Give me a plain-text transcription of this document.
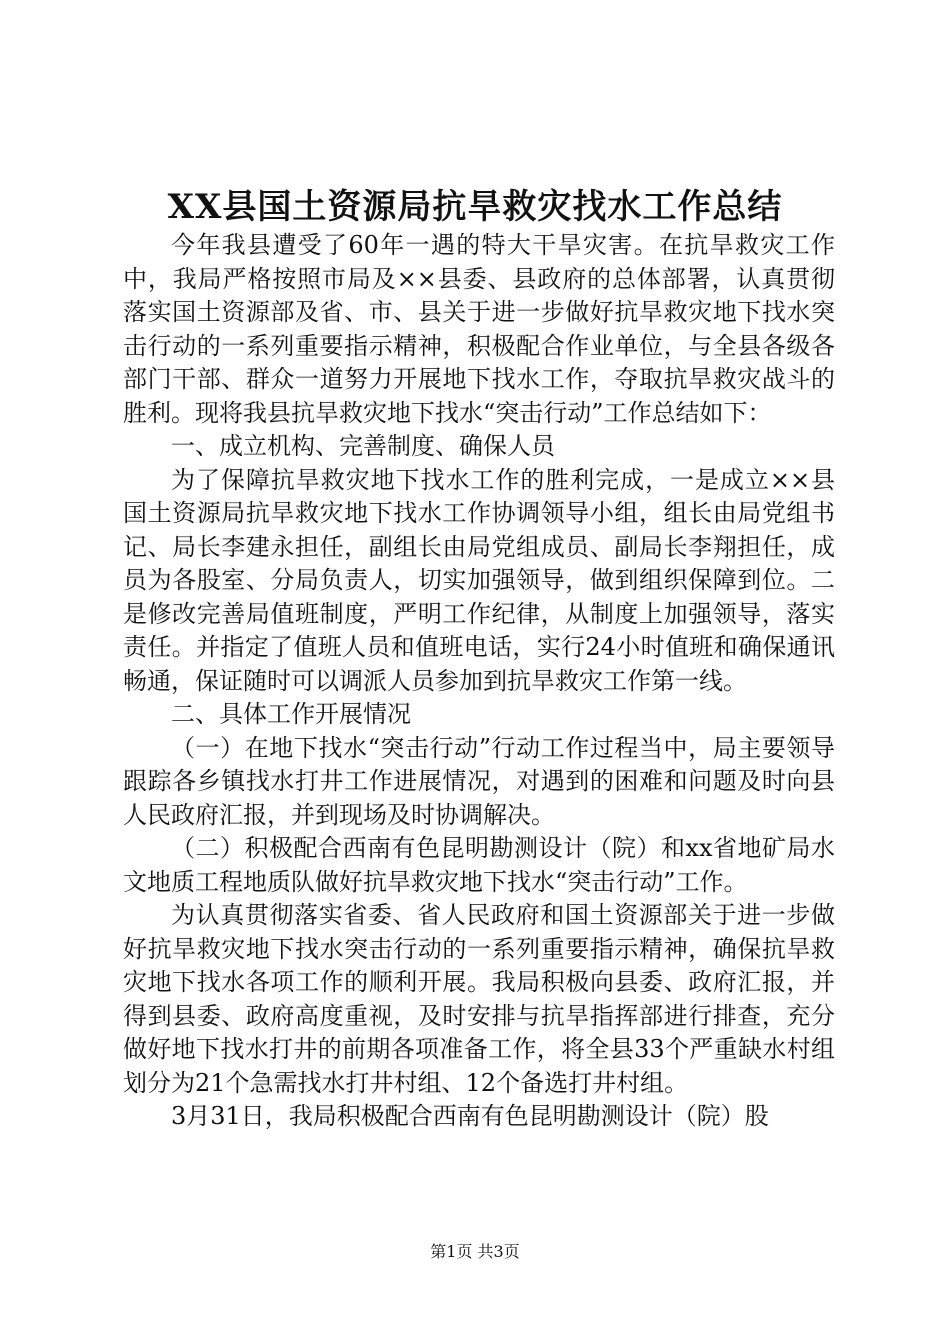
XX县国土资源局抗旱救灾找水工作总结

今年我县遭受了60年一遇的特大干旱灾害。在抗旱救灾工作中，我局严格按照市局及××县委、县政府的总体部署，认真贯彻落实国土资源部及省、市、县关于进一步做好抗旱救灾地下找水突击行动的一系列重要指示精神，积极配合作业单位，与全县各级各部门干部、群众一道努力开展地下找水工作，夺取抗旱救灾战斗的胜利。现将我县抗旱救灾地下找水“突击行动”工作总结如下：

一、成立机构、完善制度、确保人员

为了保障抗旱救灾地下找水工作的胜利完成，一是成立××县国土资源局抗旱救灾地下找水工作协调领导小组，组长由局党组书记、局长李建永担任，副组长由局党组成员、副局长李翔担任，成员为各股室、分局负责人，切实加强领导，做到组织保障到位。二是修改完善局值班制度，严明工作纪律，从制度上加强领导，落实责任。并指定了值班人员和值班电话，实行24小时值班和确保通讯畅通，保证随时可以调派人员参加到抗旱救灾工作第一线。

二、具体工作开展情况

（一）在地下找水“突击行动”行动工作过程当中，局主要领导跟踪各乡镇找水打井工作进展情况，对遇到的困难和问题及时向县人民政府汇报，并到现场及时协调解决。

（二）积极配合西南有色昆明勘测设计（院）和xx省地矿局水文地质工程地质队做好抗旱救灾地下找水“突击行动”工作。

为认真贯彻落实省委、省人民政府和国土资源部关于进一步做好抗旱救灾地下找水突击行动的一系列重要指示精神，确保抗旱救灾地下找水各项工作的顺利开展。我局积极向县委、政府汇报，并得到县委、政府高度重视，及时安排与抗旱指挥部进行排查，充分做好地下找水打井的前期各项准备工作，将全县33个严重缺水村组划分为21个急需找水打井村组、12个备选打井村组。

3月31日，我局积极配合西南有色昆明勘测设计（院）股

第1页 共3页
